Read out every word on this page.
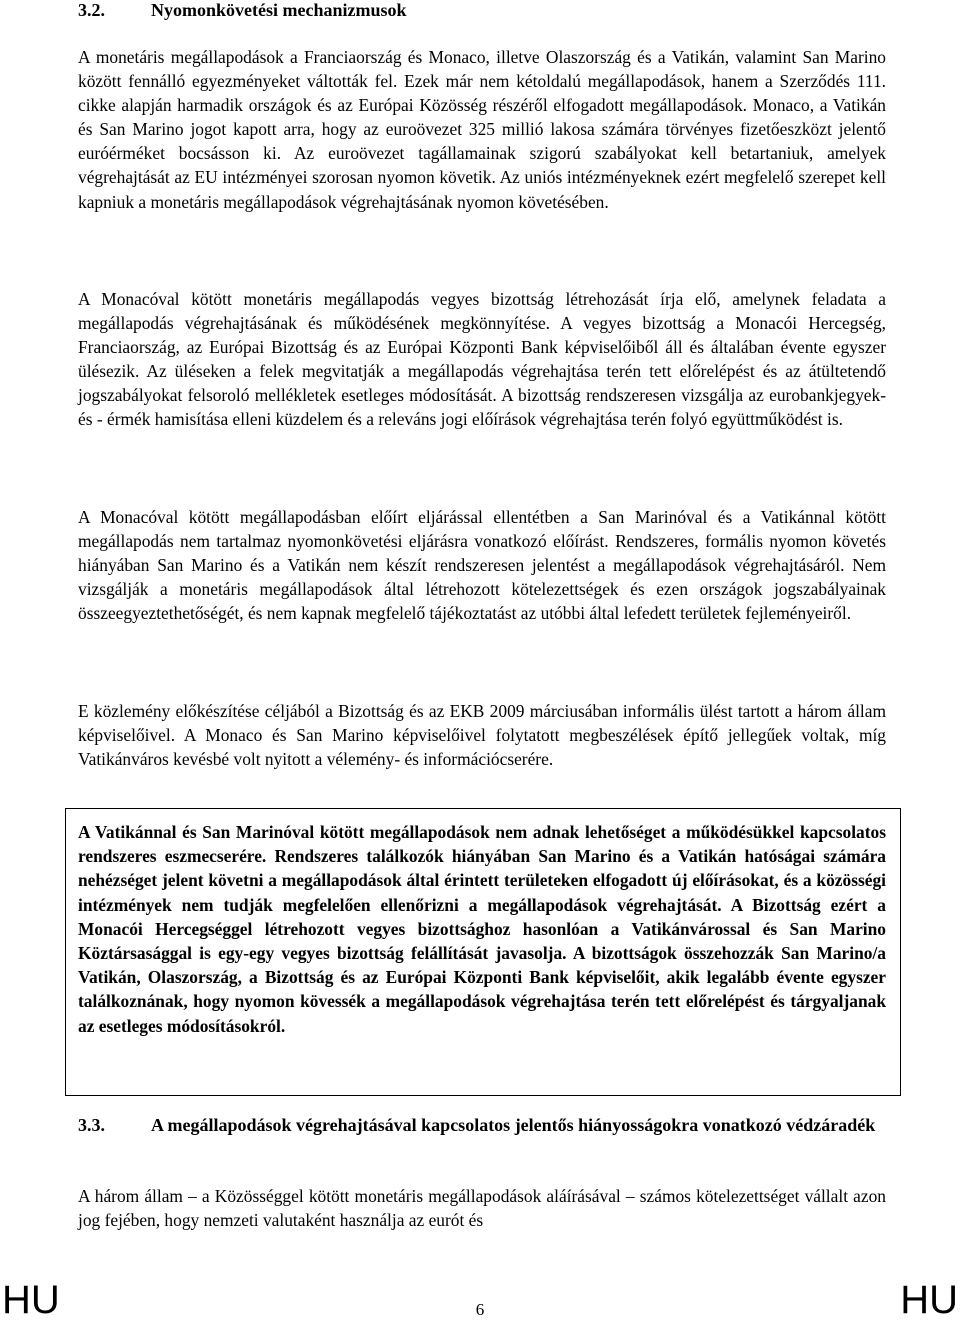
3.2.	Nyomonkövetési mechanizmusok

A monetáris megállapodások a Franciaország és Monaco, illetve Olaszország és a Vatikán, valamint San Marino között fennálló egyezményeket váltották fel. Ezek már nem kétoldalú megállapodások, hanem a Szerződés 111. cikke alapján harmadik országok és az Európai Közösség részéről elfogadott megállapodások. Monaco, a Vatikán és San Marino jogot kapott arra, hogy az euroövezet 325 millió lakosa számára törvényes fizetőeszközt jelentő euróérméket bocsásson ki. Az euroövezet tagállamainak szigorú szabályokat kell betartaniuk, amelyek végrehajtását az EU intézményei szorosan nyomon követik. Az uniós intézményeknek ezért megfelelő szerepet kell kapniuk a monetáris megállapodások végrehajtásának nyomon követésében.

A Monacóval kötött monetáris megállapodás vegyes bizottság létrehozását írja elő, amelynek feladata a megállapodás végrehajtásának és működésének megkönnyítése. A vegyes bizottság a Monacói Hercegség, Franciaország, az Európai Bizottság és az Európai Központi Bank képviselőiből áll és általában évente egyszer ülésezik. Az üléseken a felek megvitatják a megállapodás végrehajtása terén tett előrelépést és az átültetendő jogszabályokat felsoroló mellékletek esetleges módosítását. A bizottság rendszeresen vizsgálja az eurobankjegyek- és - érmék hamisítása elleni küzdelem és a releváns jogi előírások végrehajtása terén folyó együttműködést is.

A Monacóval kötött megállapodásban előírt eljárással ellentétben a San Marinóval és a Vatikánnal kötött megállapodás nem tartalmaz nyomonkövetési eljárásra vonatkozó előírást. Rendszeres, formális nyomon követés hiányában San Marino és a Vatikán nem készít rendszeresen jelentést a megállapodások végrehajtásáról. Nem vizsgálják a monetáris megállapodások által létrehozott kötelezettségek és ezen országok jogszabályainak összeegyeztethetőségét, és nem kapnak megfelelő tájékoztatást az utóbbi által lefedett területek fejleményeiről.

E közlemény előkészítése céljából a Bizottság és az EKB 2009 márciusában informális ülést tartott a három állam képviselőivel. A Monaco és San Marino képviselőivel folytatott megbeszélések építő jellegűek voltak, míg Vatikánváros kevésbé volt nyitott a vélemény- és információcserére.

A Vatikánnal és San Marinóval kötött megállapodások nem adnak lehetőséget a működésükkel kapcsolatos rendszeres eszmecserére. Rendszeres találkozók hiányában San Marino és a Vatikán hatóságai számára nehézséget jelent követni a megállapodások által érintett területeken elfogadott új előírásokat, és a közösségi intézmények nem tudják megfelelően ellenőrizni a megállapodások végrehajtását. A Bizottság ezért a Monacói Hercegséggel létrehozott vegyes bizottsághoz hasonlóan a Vatikánvárossal és San Marino Köztársasággal is egy-egy vegyes bizottság felállítását javasolja. A bizottságok összehozzák San Marino/a Vatikán, Olaszország, a Bizottság és az Európai Központi Bank képviselőit, akik legalább évente egyszer találkoznának, hogy nyomon kövessék a megállapodások végrehajtása terén tett előrelépést és tárgyaljanak az esetleges módosításokról.

3.3.	A megállapodások végrehajtásával kapcsolatos jelentős hiányosságokra vonatkozó védzáradék

A három állam – a Közösséggel kötött monetáris megállapodások aláírásával – számos kötelezettséget vállalt azon jog fejében, hogy nemzeti valutaként használja az eurót és

HU	6	HU
